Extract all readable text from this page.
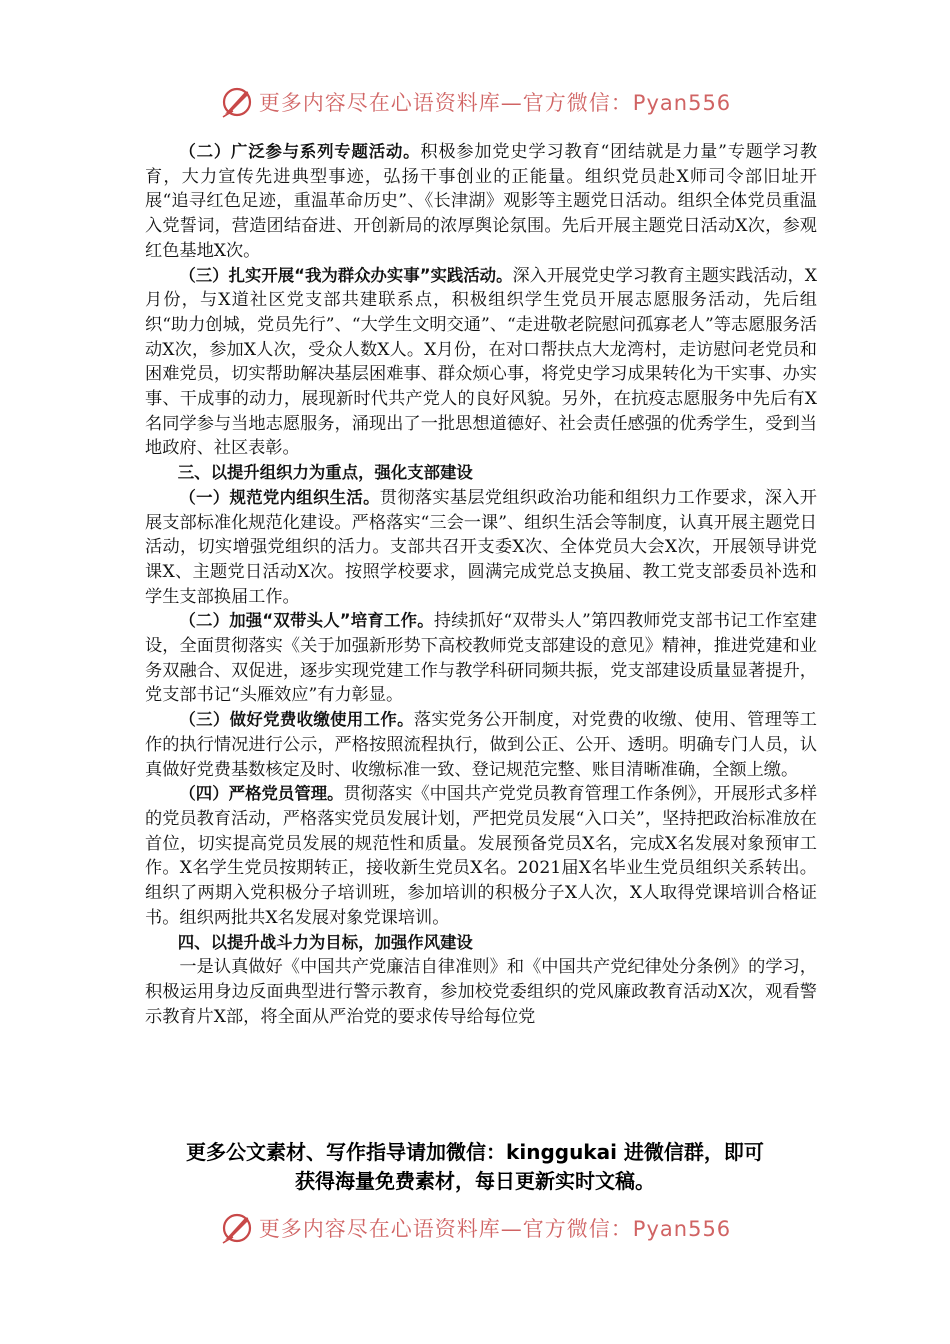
更多内容尽在心语资料库—官方微信：Pyan556

（二）广泛参与系列专题活动。积极参加党史学习教育“团结就是力量”专题学习教育，大力宣传先进典型事迹，弘扬干事创业的正能量。组织党员赴X师司令部旧址开展“追寻红色足迹，重温革命历史”、《长津湖》观影等主题党日活动。组织全体党员重温入党誓词，营造团结奋进、开创新局的浓厚舆论氛围。先后开展主题党日活动X次，参观红色基地X次。

（三）扎实开展“我为群众办实事”实践活动。深入开展党史学习教育主题实践活动，X月份，与X道社区党支部共建联系点，积极组织学生党员开展志愿服务活动，先后组织“助力创城，党员先行”、“大学生文明交通”、“走进敬老院慰问孤寡老人”等志愿服务活动X次，参加X人次，受众人数X人。X月份，在对口帮扶点大龙湾村，走访慰问老党员和困难党员，切实帮助解决基层困难事、群众烦心事，将党史学习成果转化为干实事、办实事、干成事的动力，展现新时代共产党人的良好风貌。另外，在抗疫志愿服务中先后有X名同学参与当地志愿服务，涌现出了一批思想道德好、社会责任感强的优秀学生，受到当地政府、社区表彰。

三、以提升组织力为重点，强化支部建设

（一）规范党内组织生活。贯彻落实基层党组织政治功能和组织力工作要求，深入开展支部标准化规范化建设。严格落实“三会一课”、组织生活会等制度，认真开展主题党日活动，切实增强党组织的活力。支部共召开支委X次、全体党员大会X次，开展领导讲党课X、主题党日活动X次。按照学校要求，圆满完成党总支换届、教工党支部委员补选和学生支部换届工作。

（二）加强“双带头人”培育工作。持续抓好“双带头人”第四教师党支部书记工作室建设，全面贯彻落实《关于加强新形势下高校教师党支部建设的意见》精神，推进党建和业务双融合、双促进，逐步实现党建工作与教学科研同频共振，党支部建设质量显著提升，党支部书记“头雁效应”有力彰显。

（三）做好党费收缴使用工作。落实党务公开制度，对党费的收缴、使用、管理等工作的执行情况进行公示，严格按照流程执行，做到公正、公开、透明。明确专门人员，认真做好党费基数核定及时、收缴标准一致、登记规范完整、账目清晰准确，全额上缴。

（四）严格党员管理。贯彻落实《中国共产党党员教育管理工作条例》，开展形式多样的党员教育活动，严格落实党员发展计划，严把党员发展“入口关”，坚持把政治标准放在首位，切实提高党员发展的规范性和质量。发展预备党员X名，完成X名发展对象预审工作。X名学生党员按期转正，接收新生党员X名。2021届X名毕业生党员组织关系转出。组织了两期入党积极分子培训班，参加培训的积极分子X人次，X人取得党课培训合格证书。组织两批共X名发展对象党课培训。

四、以提升战斗力为目标，加强作风建设

一是认真做好《中国共产党廉洁自律准则》和《中国共产党纪律处分条例》的学习，积极运用身边反面典型进行警示教育，参加校党委组织的党风廉政教育活动X次，观看警示教育片X部，将全面从严治党的要求传导给每位党

更多公文素材、写作指导请加微信：kinggukai 进微信群，即可
获得海量免费素材，每日更新实时文稿。
更多内容尽在心语资料库—官方微信：Pyan556
